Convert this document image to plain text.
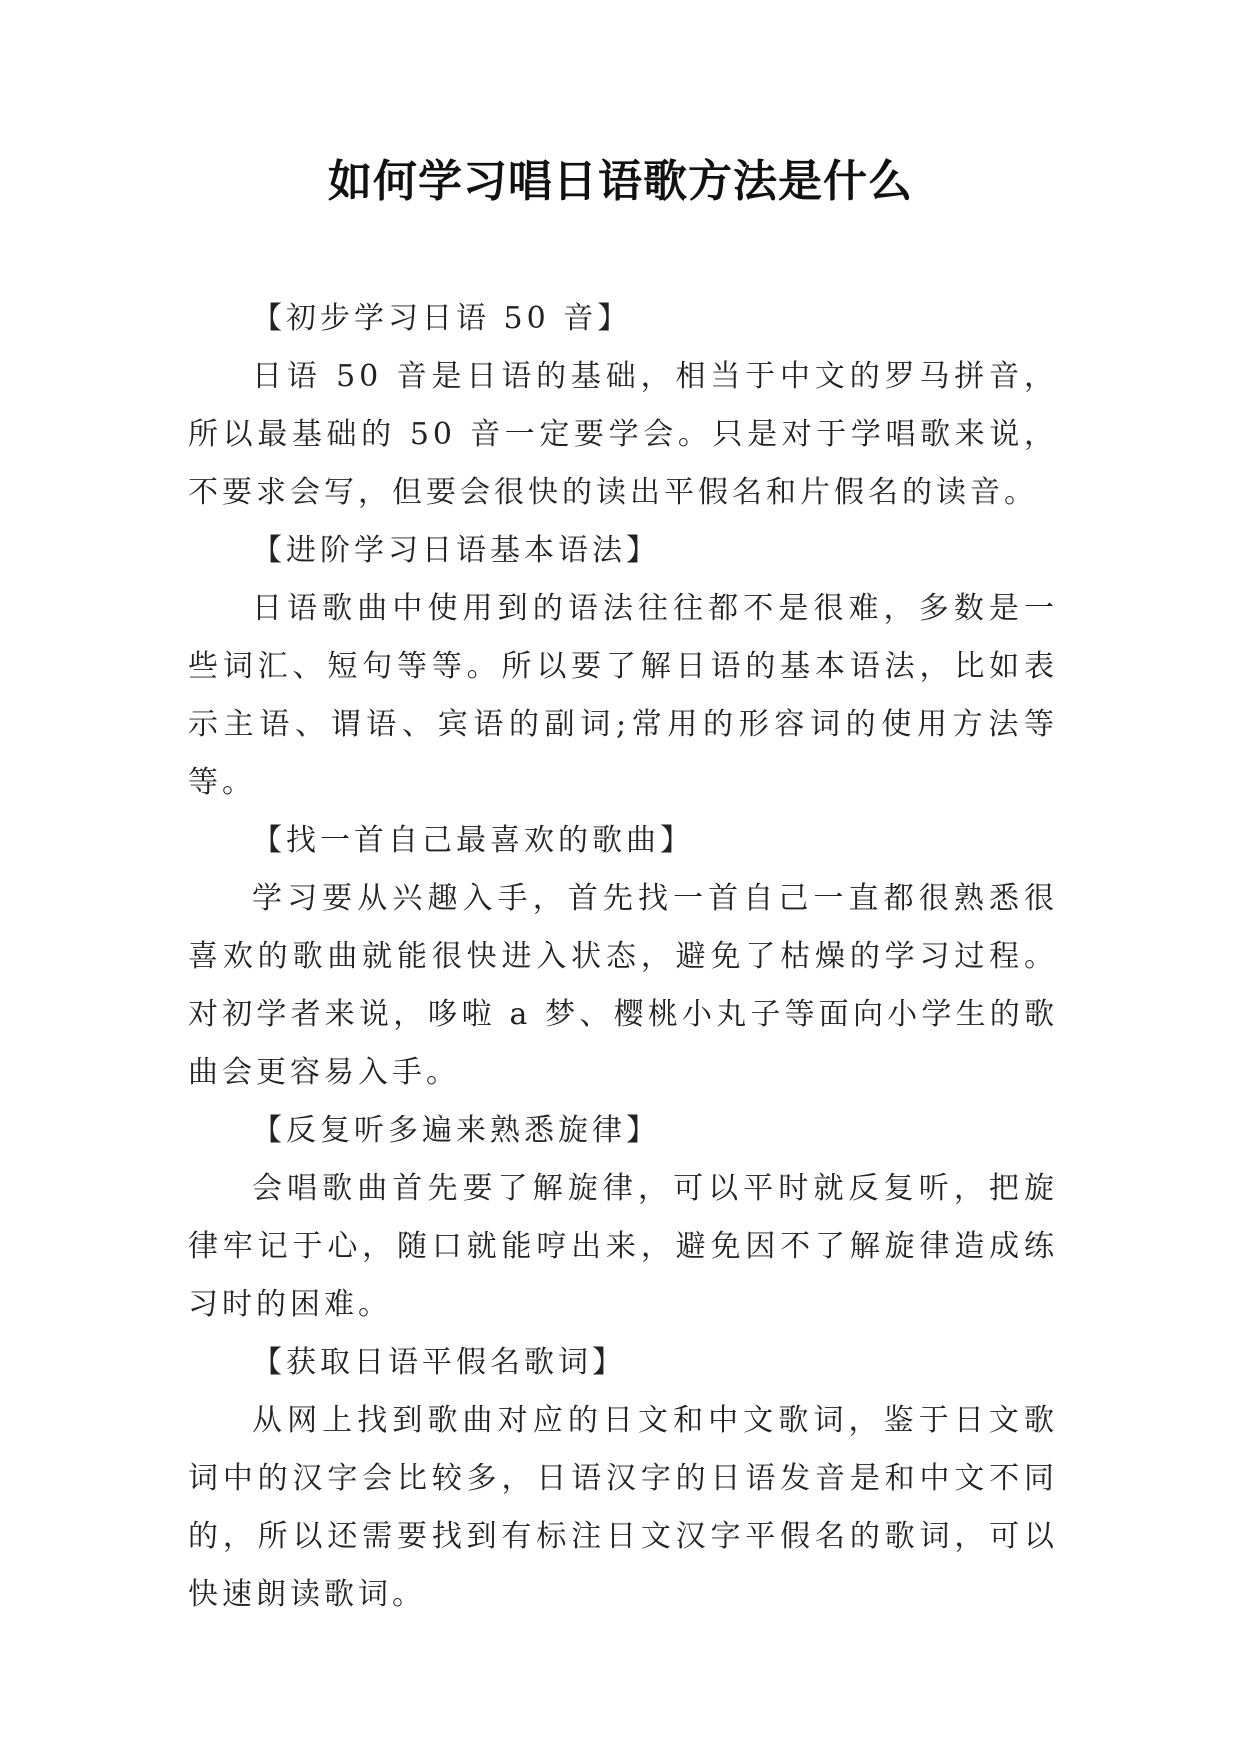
如何学习唱日语歌方法是什么
【初步学习日语 50 音】

日语 50 音是日语的基础，相当于中文的罗马拼音，所以最基础的 50 音一定要学会。只是对于学唱歌来说，不要求会写，但要会很快的读出平假名和片假名的读音。

【进阶学习日语基本语法】

日语歌曲中使用到的语法往往都不是很难，多数是一些词汇、短句等等。所以要了解日语的基本语法，比如表示主语、谓语、宾语的副词;常用的形容词的使用方法等等。

【找一首自己最喜欢的歌曲】

学习要从兴趣入手，首先找一首自己一直都很熟悉很喜欢的歌曲就能很快进入状态，避免了枯燥的学习过程。对初学者来说，哆啦 a 梦、樱桃小丸子等面向小学生的歌曲会更容易入手。

【反复听多遍来熟悉旋律】

会唱歌曲首先要了解旋律，可以平时就反复听，把旋律牢记于心，随口就能哼出来，避免因不了解旋律造成练习时的困难。

【获取日语平假名歌词】

从网上找到歌曲对应的日文和中文歌词，鉴于日文歌词中的汉字会比较多，日语汉字的日语发音是和中文不同的，所以还需要找到有标注日文汉字平假名的歌词，可以快速朗读歌词。
